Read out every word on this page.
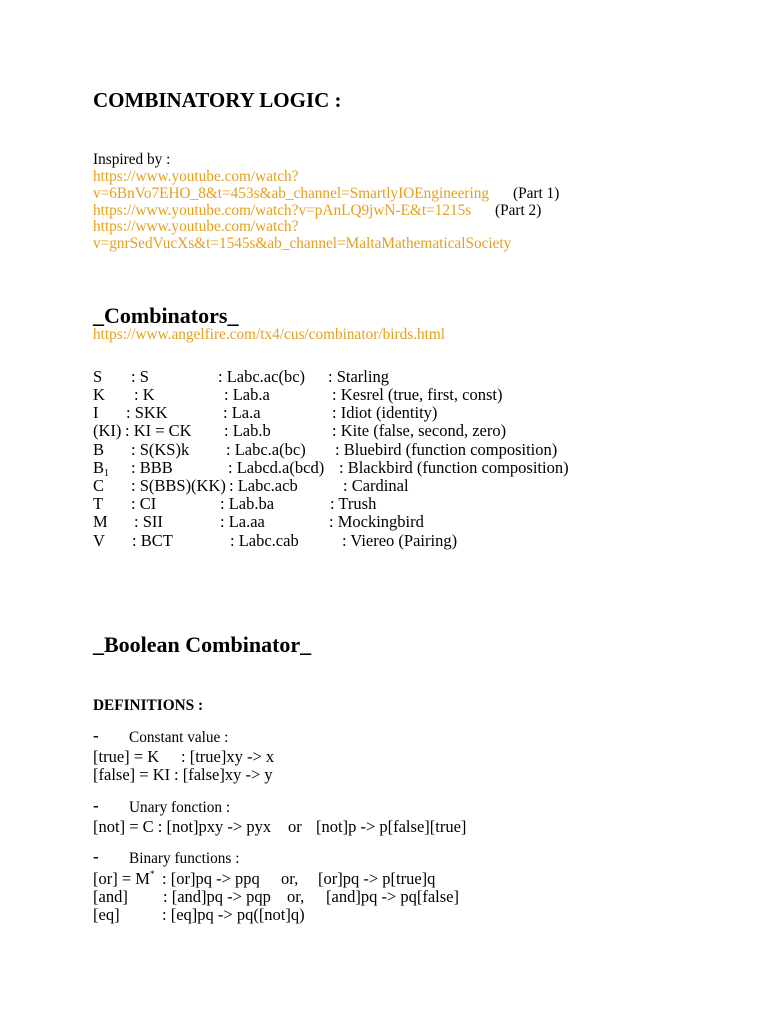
COMBINATORY LOGIC :
Inspired by :
https://www.youtube.com/watch?
v=6BnVo7EHO_8&t=453s&ab_channel=SmartlyIOEngineering (Part 1)
https://www.youtube.com/watch?v=pAnLQ9jwN-E&t=1215s (Part 2)
https://www.youtube.com/watch?
v=gnrSedVucXs&t=1545s&ab_channel=MaltaMathematicalSociety
_Combinators_
https://www.angelfire.com/tx4/cus/combinator/birds.html
S : S	: Labc.ac(bc) : Starling
K : K	: Lab.a	: Kesrel (true, first, const)
I : SKK	: La.a	: Idiot (identity)
(KI) : KI = CK : Lab.b	: Kite (false, second, zero)
B : S(KS)k : Labc.a(bc) : Bluebird (function composition)
$B_1$ : BBB	: Labcd.a(bcd) : Blackbird (function composition)
C : S(BBS)(KK) : Labc.acb	: Cardinal
T : CI	: Lab.ba	: Trush
M : SII	: La.aa	: Mockingbird
V : BCT	: Labc.cab	: Viereo (Pairing)
_Boolean Combinator_
DEFINITIONS :
- Constant value :
[true] = K : [true]xy -> x
[false] = KI : [false]xy -> y
- Unary fonction :
[not] = C : [not]pxy -> pyx or [not]p -> p[false][true]
- Binary functions :
[or] = M* : [or]pq -> ppq or, [or]pq -> p[true]q
[and] : [and]pq -> pqp or, [and]pq -> pq[false]
[eq]	: [eq]pq -> pq([not]q)
